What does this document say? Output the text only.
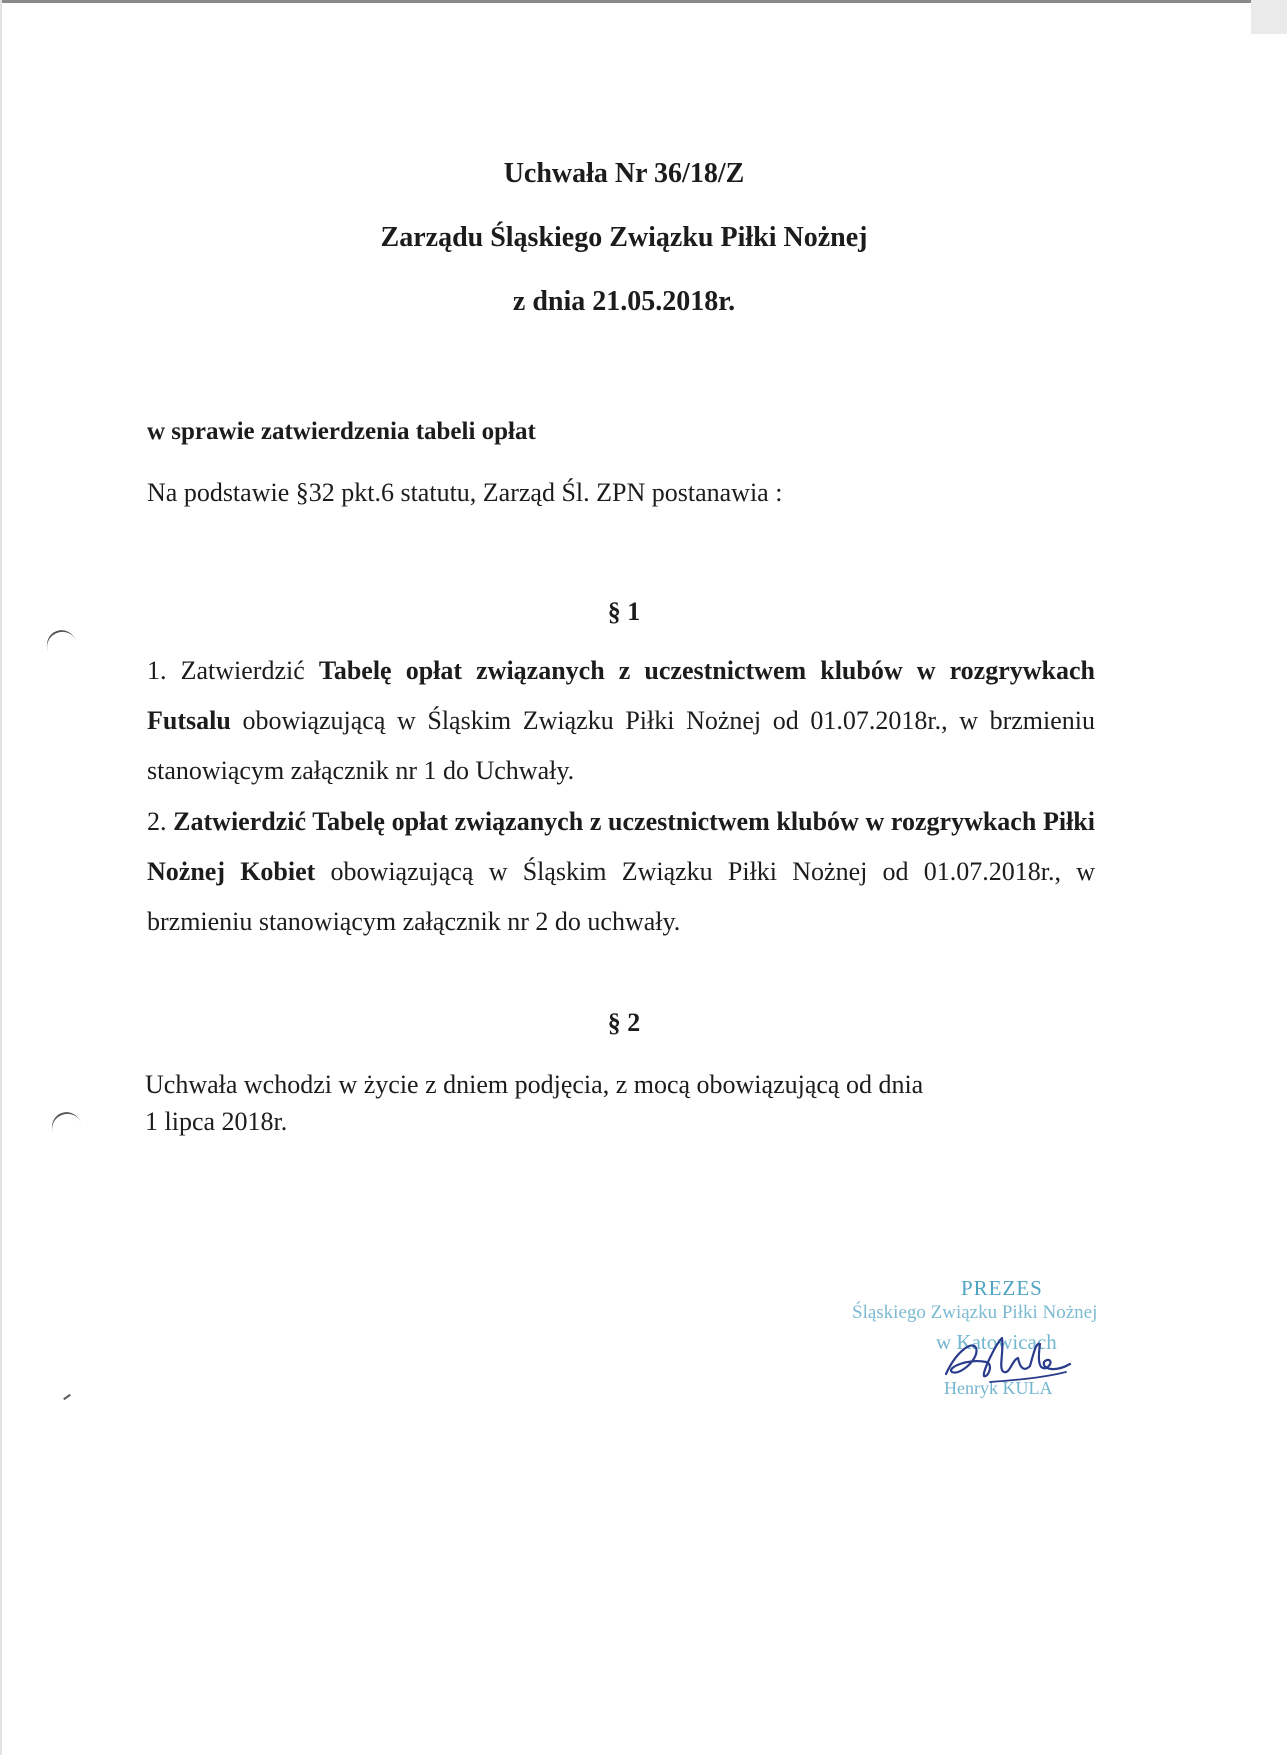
Uchwała Nr 36/18/Z
Zarządu Śląskiego Związku Piłki Nożnej
z dnia 21.05.2018r.
w sprawie zatwierdzenia tabeli opłat
Na podstawie §32 pkt.6 statutu, Zarząd Śl. ZPN postanawia :
§ 1
1. Zatwierdzić Tabelę opłat związanych z uczestnictwem klubów w rozgrywkach Futsalu obowiązującą w Śląskim Związku Piłki Nożnej od 01.07.2018r., w brzmieniu stanowiącym załącznik nr 1 do Uchwały.
2. Zatwierdzić Tabelę opłat związanych z uczestnictwem klubów w rozgrywkach Piłki Nożnej Kobiet obowiązującą w Śląskim Związku Piłki Nożnej od 01.07.2018r., w brzmieniu stanowiącym załącznik nr 2 do uchwały.
§ 2
Uchwała wchodzi w życie z dniem podjęcia, z mocą obowiązującą od dnia
1 lipca 2018r.
PREZES
Śląskiego Związku Piłki Nożnej
w Katowicach
Henryk KULA
